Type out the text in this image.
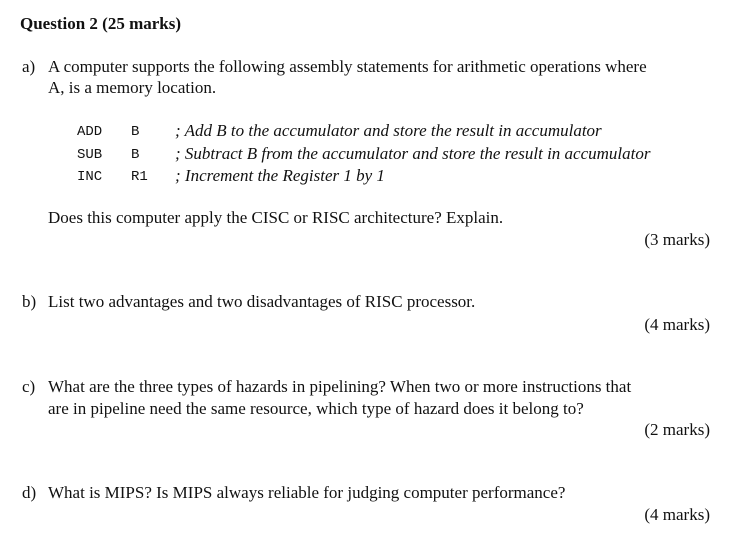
Question 2 (25 marks)
a) A computer supports the following assembly statements for arithmetic operations where
A, is a memory location.
ADD B ; Add B to the accumulator and store the result in accumulator
SUB B ; Subtract B from the accumulator and store the result in accumulator
INC R1 ; Increment the Register 1 by 1
Does this computer apply the CISC or RISC architecture? Explain.
(3 marks)
b) List two advantages and two disadvantages of RISC processor.
(4 marks)
c) What are the three types of hazards in pipelining? When two or more instructions that
are in pipeline need the same resource, which type of hazard does it belong to?
(2 marks)
d) What is MIPS? Is MIPS always reliable for judging computer performance?
(4 marks)
